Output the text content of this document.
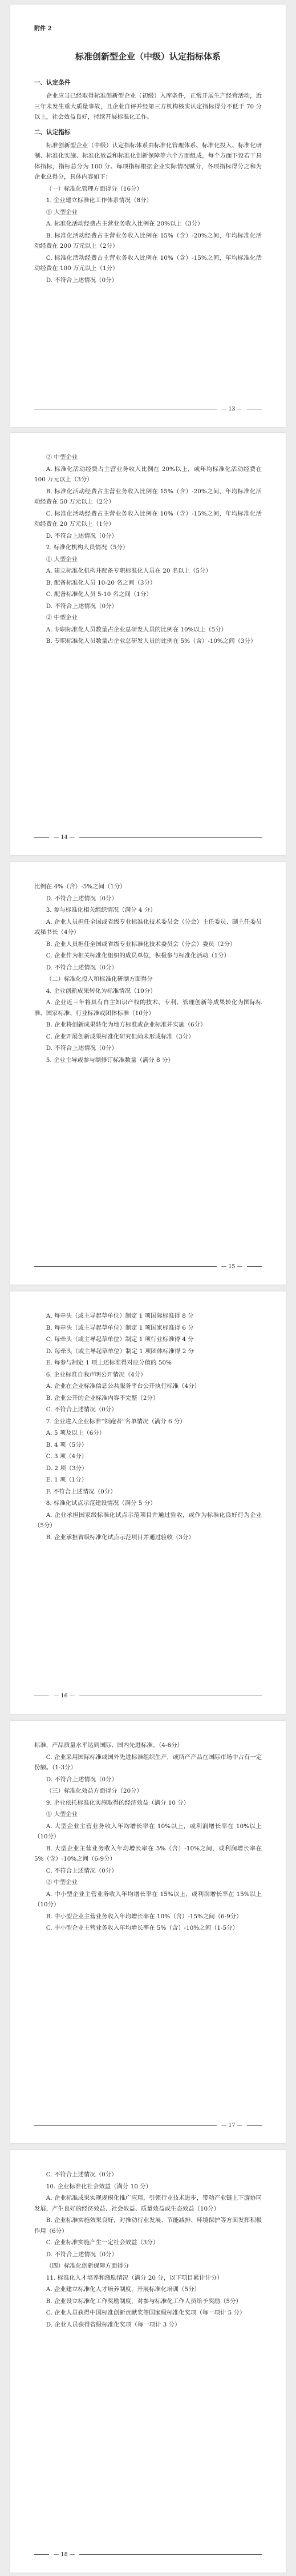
附件 2
标准创新型企业（中级）认定指标体系
一、认定条件

企业应当已经取得标准创新型企业（初级）入库条件，正常开展生产经营活动，近三年未发生重大质量事故，且企业自评并经第三方机构核实认定指标得分不低于 70 分以上，社会效益良好，持续开展标准化工作。

二、认定指标

标准创新型企业（中级）认定指标体系由标准化管理体系、标准化投入、标准化研制、标准化实施、标准化效益和标准化创新保障等六个方面组成，每个方面下设若干具体指标，指标总分为 100 分。每项指标根据企业实际情况赋分，各项指标得分之和为企业总得分，具体内容如下：

（一）标准化管理方面得分（16分）

1. 企业建立标准化工作体系情况（8分）

① 大型企业

A. 标准化活动经费占主营业务收入比例在 20%以上（3分）

B. 标准化活动经费占主营业务收入比例在 15%（含）-20%之间，年均标准化活动经费在 200 万元以上（2分）

C. 标准化活动经费占主营业务收入比例在 10%（含）-15%之间，年均标准化活动经费在 100 万元以上（1分）

D. 不符合上述情况（0分）

— 13 —

② 中型企业

A. 标准化活动经费占主营业务收入比例在 20%以上，或年均标准化活动经费在 100 万元以上（3分）

B. 标准化活动经费占主营业务收入比例在 15%（含）-20%之间，年均标准化活动经费在 50 万元以上（2分）

C. 标准化活动经费占主营业务收入比例在 10%（含）-15%之间，年均标准化活动经费在 20 万元以上（1分）

D. 不符合上述情况（0分）

2. 标准化机构人员情况（5分）

① 大型企业

A. 建立标准化机构并配备专职标准化人员在 20 名以上（5分）

B. 配备标准化人员 10-20 名之间（3分）

C. 配备标准化人员 5-10 名之间（1分）

D. 不符合上述情况（0分）

② 中型企业

A. 专职标准化人员数量占企业总研发人员的比例在 10%以上（5分）

B. 专职标准化人员数量占企业总研发人员的比例在 5%（含）-10%之间（3分）

— 14 —

比例在 4%（含）-5%之间（1分）

D. 不符合上述情况（0分）

3. 参与标准化相关组织情况（满分 4 分）

A. 企业人员担任全国或省级专业标准化技术委员会（分会）主任委员、副主任委员或秘书长（4分）

B. 企业人员担任全国或省级专业标准化技术委员会（分会）委员（2分）

C. 企业作为相关标准化组织的成员单位，积极参与标准化活动（1分）

D. 不符合上述情况（0分）

（二）标准化投入和标准化研制方面得分

4. 企业创新成果转化为标准情况（10分）

A. 企业近三年将具有自主知识产权的技术、专利、管理创新等成果转化为国际标准、国家标准、行业标准或团体标准（10分）

B. 企业将创新成果转化为地方标准或企业标准并实施（6分）

C. 企业开展创新成果标准化研究但尚未形成标准（3分）

D. 不符合上述情况（0分）

5. 企业主导或参与制修订标准数量（满分 8 分）

— 15 —

A. 每牵头（或主导起草单位）制定 1 项国际标准得 8 分

B. 每牵头（或主导起草单位）制定 1 项国家标准得 6 分

C. 每牵头（或主导起草单位）制定 1 项行业标准得 4 分

D. 每牵头（或主导起草单位）制定 1 项团体标准得 2 分

E. 每参与制定 1 项上述标准得对应分值的 50%

6. 企业标准自我声明公开情况（4分）

A. 企业在企业标准信息公共服务平台公开执行标准（4分）

B. 企业公开的企业标准内容不完整（2分）

C. 不符合上述情况（0分）

7. 企业进入企业标准“领跑者”名单情况（满分 6 分）

A. 5 项及以上（6分）

B. 4 项（5分）

C. 3 项（4分）

D. 2 项（3分）

E. 1 项（1分）

F. 不符合上述情况（0分）

8. 标准化试点示范建设情况（满分 5 分）

A. 企业承担国家级标准化试点示范项目并通过验收，或作为标准化良好行为企业（5分）

B. 企业承担省级标准化试点示范项目并通过验收（3分）

— 16 —

标准，产品质量水平达到国际、国内先进标准。（4-6分）

C. 企业采用国际标准或国外先进标准组织生产，或所产产品在国际市场中占有一定份额。（1-3分）

D. 不符合上述情况（0分）

（三）标准化效益方面得分（20分）

9. 企业依托标准化实施取得的经济效益（满分 10 分）

① 大型企业

A. 大型企业主营业务收入年均增长率在 10%以上，或利润增长率在 10%以上（10分）

B. 大型企业主营业务收入年均增长率在 5%（含）-10%之间，或利润增长率在 5%（含）-10%之间（6-9分）

C. 不符合上述情况（0分）

② 中型企业

A. 中小型企业主营业务收入年均增长率在 15%以上，或利润增长率在 15%以上（10分）

B. 中小型企业主营业务收入年均增长率在 10%（含）-15%之间（6-9分）

C. 中小型企业主营业务收入年均增长率在 5%（含）-10%之间（1-5分）

— 17 —

C. 不符合上述情况（0分）

10. 企业标准化社会效益（满分 10 分）

A. 企业标准成果实现规模化推广应用，引领行业技术进步，带动产业链上下游协同发展，产生良好的经济效益、社会效益、质量效益或生态效益（10分）

B. 企业标准实施效果良好，对推动行业发展、节能减排、环境保护等方面发挥积极作用（6分）

C. 企业标准实施产生一定社会效益（3分）

D. 不符合上述情况（0分）

（四）标准化创新保障方面得分

11. 标准化人才培养和激励情况（满分 20 分，以下项目累计计分）

A. 企业建立标准化人才培养制度，开展标准化培训（5分）

B. 企业设立标准化工作奖励制度，对参与标准化工作人员给予奖励（5分）

C. 企业人员获得中国标准创新贡献奖等国家级标准化奖项（每一项计 5 分）

D. 企业人员获得省级标准化奖项（每一项计 3 分）

— 18 —
